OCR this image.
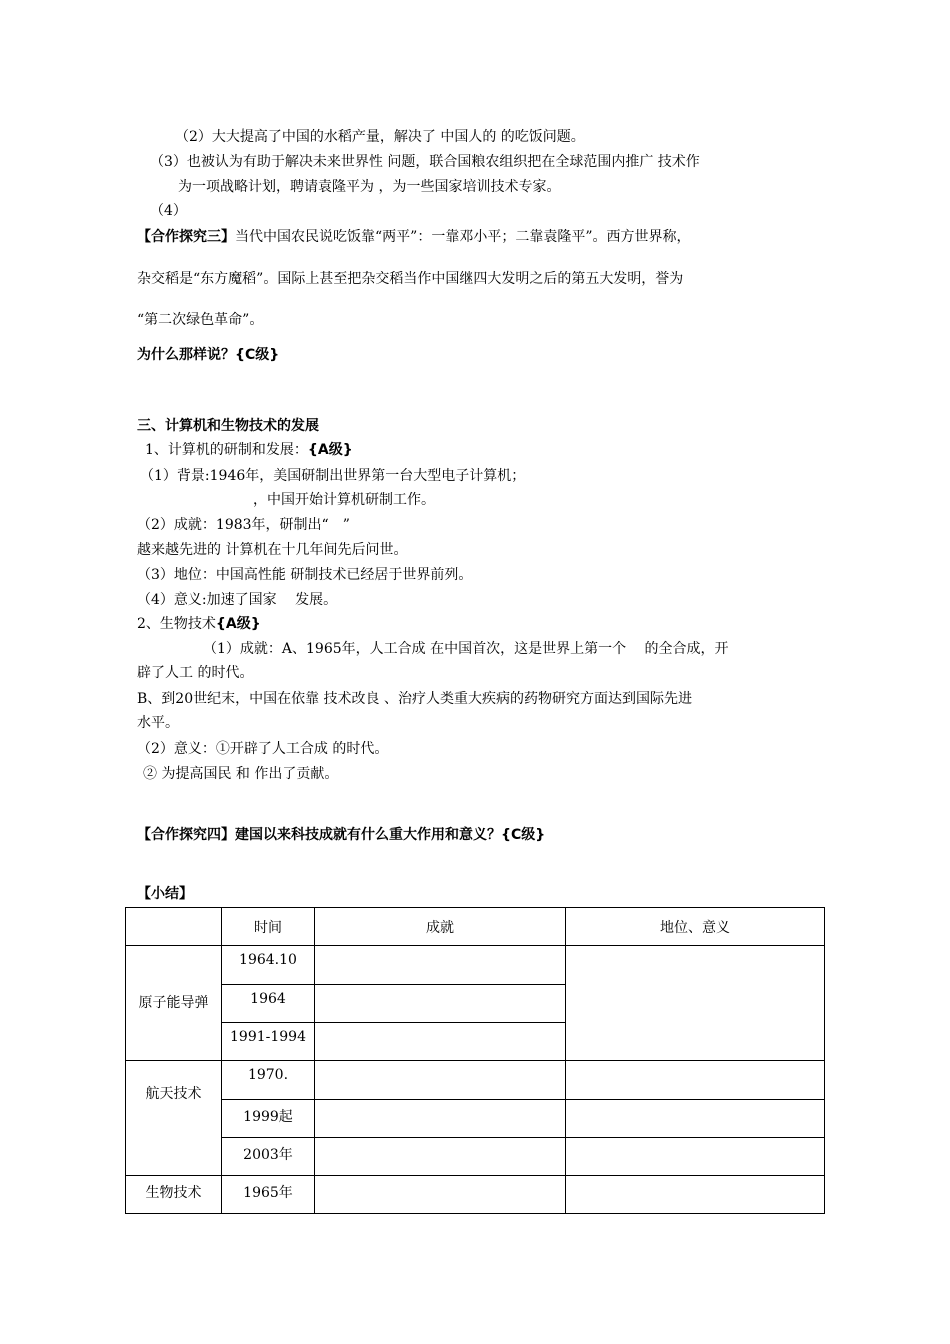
（2）大大提高了中国的水稻产量，解决了 中国人的 的吃饭问题。
（3）也被认为有助于解决未来世界性 问题，联合国粮农组织把在全球范围内推广 技术作
为一项战略计划，聘请袁隆平为 ，为一些国家培训技术专家。
（4）
【合作探究三】当代中国农民说吃饭靠“两平”：一靠邓小平；二靠袁隆平”。西方世界称，
杂交稻是“东方魔稻”。国际上甚至把杂交稻当作中国继四大发明之后的第五大发明，誉为
“第二次绿色革命”。
为什么那样说？{C级}
三、计算机和生物技术的发展
1、计算机的研制和发展：{A级}
（1）背景:1946年，美国研制出世界第一台大型电子计算机；
，中国开始计算机研制工作。
（2）成就：1983年，研制出“　”
越来越先进的 计算机在十几年间先后问世。
（3）地位：中国高性能 研制技术已经居于世界前列。
（4）意义:加速了国家　 发展。
2、生物技术{A级}
（1）成就：A、1965年，人工合成 在中国首次，这是世界上第一个　 的全合成，开
辟了人工 的时代。
B、到20世纪末，中国在依靠 技术改良 、治疗人类重大疾病的药物研究方面达到国际先进
水平。
（2）意义：①开辟了人工合成 的时代。
② 为提高国民 和 作出了贡献。
【合作探究四】建国以来科技成就有什么重大作用和意义？{C级}
【小结】
	时间	成就	地位、意义
原子能导弹	1964.10		
	1964		
	1991-1994		
航天技术	1970.		
	1999起		
	2003年		
生物技术	1965年		
